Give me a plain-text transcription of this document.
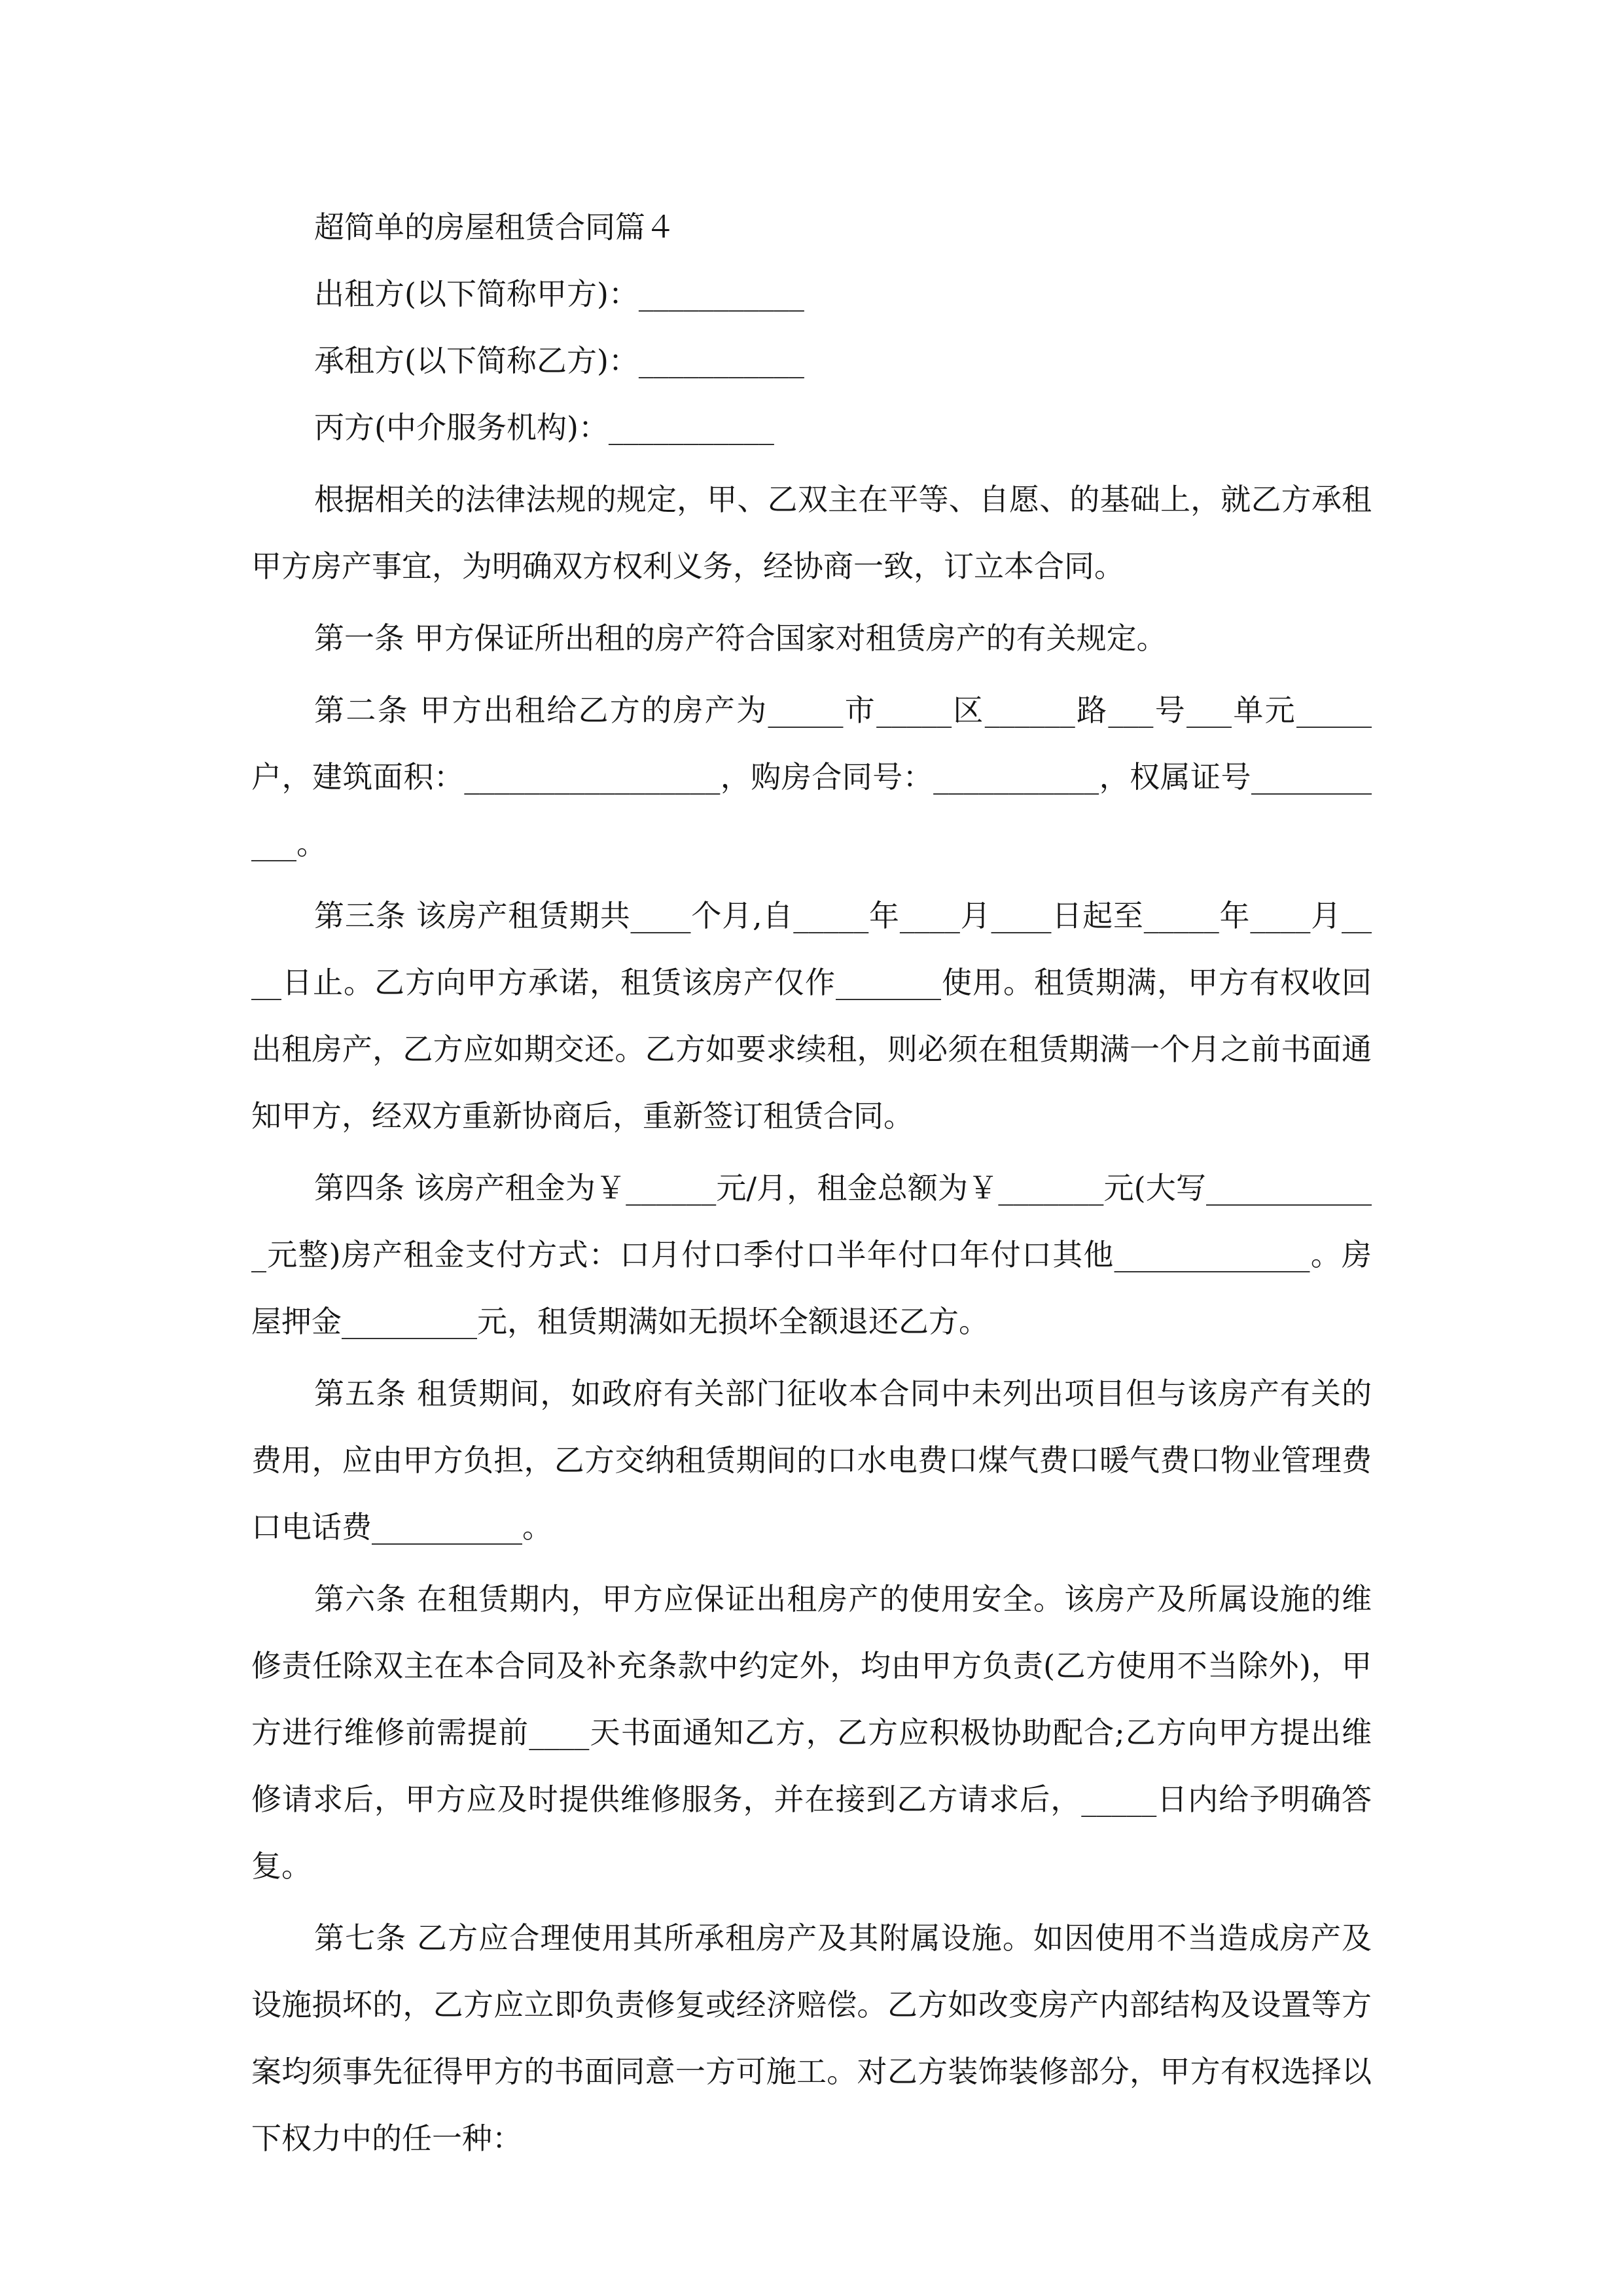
超简单的房屋租赁合同篇４

出租方(以下简称甲方)：___________

承租方(以下简称乙方)：___________

丙方(中介服务机构)：___________

根据相关的法律法规的规定，甲、乙双主在平等、自愿、的基础上，就乙方承租甲方房产事宜，为明确双方权利义务，经协商一致，订立本合同。

第一条 甲方保证所出租的房产符合国家对租赁房产的有关规定。

第二条 甲方出租给乙方的房产为_____市_____区______路___号___单元_____户，建筑面积：_________________，购房合同号：___________，权属证号___________。

第三条 该房产租赁期共____个月,自_____年____月____日起至_____年____月____日止。乙方向甲方承诺，租赁该房产仅作_______使用。租赁期满，甲方有权收回出租房产，乙方应如期交还。乙方如要求续租，则必须在租赁期满一个月之前书面通知甲方，经双方重新协商后，重新签订租赁合同。

第四条 该房产租金为￥______元/月，租金总额为￥_______元(大写____________元整)房产租金支付方式：口月付口季付口半年付口年付口其他_____________。房屋押金_________元，租赁期满如无损坏全额退还乙方。

第五条 租赁期间，如政府有关部门征收本合同中未列出项目但与该房产有关的费用，应由甲方负担，乙方交纳租赁期间的口水电费口煤气费口暖气费口物业管理费口电话费__________。

第六条 在租赁期内，甲方应保证出租房产的使用安全。该房产及所属设施的维修责任除双主在本合同及补充条款中约定外，均由甲方负责(乙方使用不当除外)，甲方进行维修前需提前____天书面通知乙方，乙方应积极协助配合;乙方向甲方提出维修请求后，甲方应及时提供维修服务，并在接到乙方请求后，_____日内给予明确答复。

第七条 乙方应合理使用其所承租房产及其附属设施。如因使用不当造成房产及设施损坏的，乙方应立即负责修复或经济赔偿。乙方如改变房产内部结构及设置等方案均须事先征得甲方的书面同意一方可施工。对乙方装饰装修部分，甲方有权选择以下权力中的任一种：
